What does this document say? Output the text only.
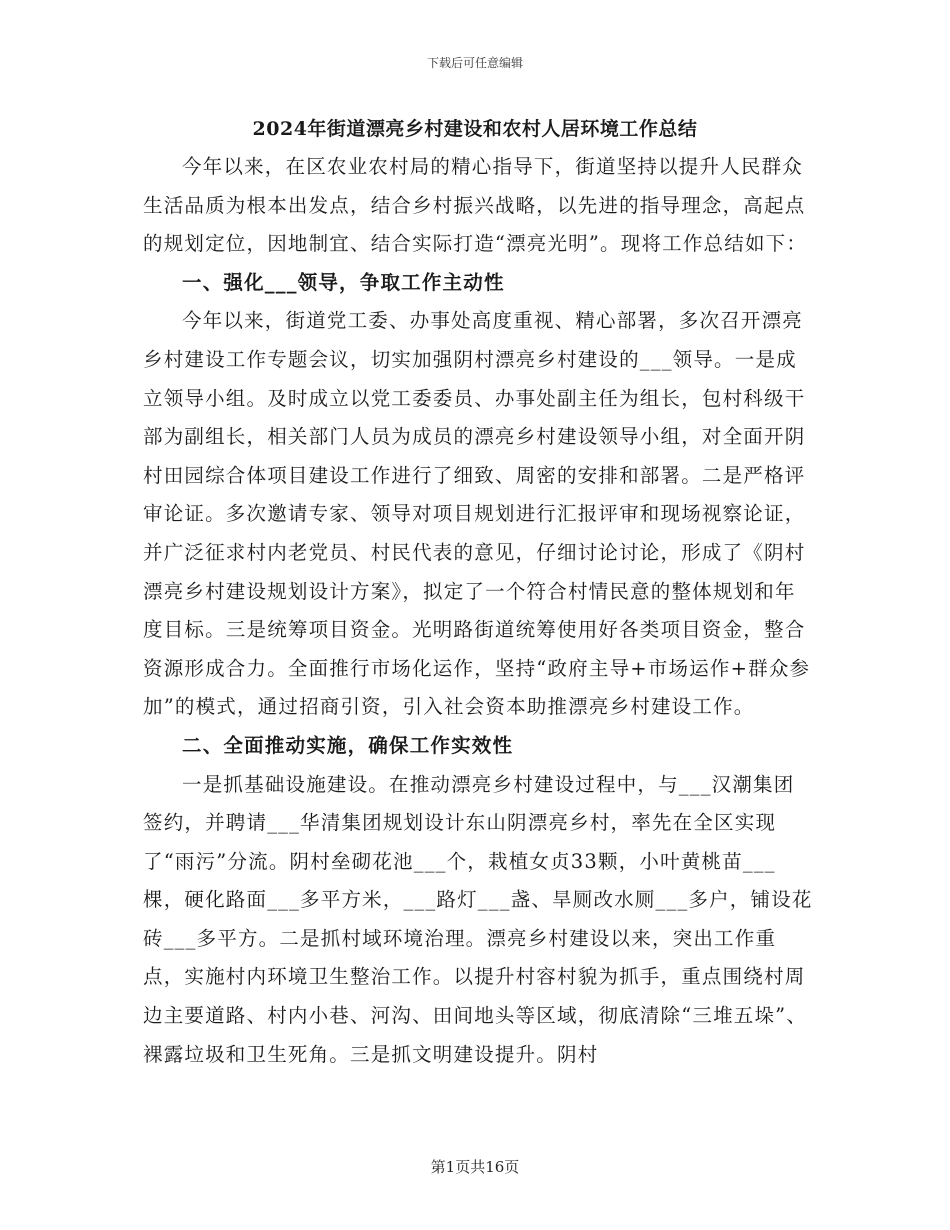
下载后可任意编辑
2024年街道漂亮乡村建设和农村人居环境工作总结

今年以来，在区农业农村局的精心指导下，街道坚持以提升人民群众生活品质为根本出发点，结合乡村振兴战略，以先进的指导理念，高起点的规划定位，因地制宜、结合实际打造“漂亮光明”。现将工作总结如下：

一、强化___领导，争取工作主动性

今年以来，街道党工委、办事处高度重视、精心部署，多次召开漂亮乡村建设工作专题会议，切实加强阴村漂亮乡村建设的___领导。一是成立领导小组。及时成立以党工委委员、办事处副主任为组长，包村科级干部为副组长，相关部门人员为成员的漂亮乡村建设领导小组，对全面开阴村田园综合体项目建设工作进行了细致、周密的安排和部署。二是严格评审论证。多次邀请专家、领导对项目规划进行汇报评审和现场视察论证，并广泛征求村内老党员、村民代表的意见，仔细讨论讨论，形成了《阴村漂亮乡村建设规划设计方案》，拟定了一个符合村情民意的整体规划和年度目标。三是统筹项目资金。光明路街道统筹使用好各类项目资金，整合资源形成合力。全面推行市场化运作，坚持“政府主导+市场运作+群众参加”的模式，通过招商引资，引入社会资本助推漂亮乡村建设工作。

二、全面推动实施，确保工作实效性

一是抓基础设施建设。在推动漂亮乡村建设过程中，与___汉潮集团签约，并聘请___华清集团规划设计东山阴漂亮乡村，率先在全区实现了“雨污”分流。阴村垒砌花池___个，栽植女贞33颗，小叶黄桃苗___棵，硬化路面___多平方米，___路灯___盏、旱厕改水厕___多户，铺设花砖___多平方。二是抓村域环境治理。漂亮乡村建设以来，突出工作重点，实施村内环境卫生整治工作。以提升村容村貌为抓手，重点围绕村周边主要道路、村内小巷、河沟、田间地头等区域，彻底清除“三堆五垛”、裸露垃圾和卫生死角。三是抓文明建设提升。阴村

第1页共16页
